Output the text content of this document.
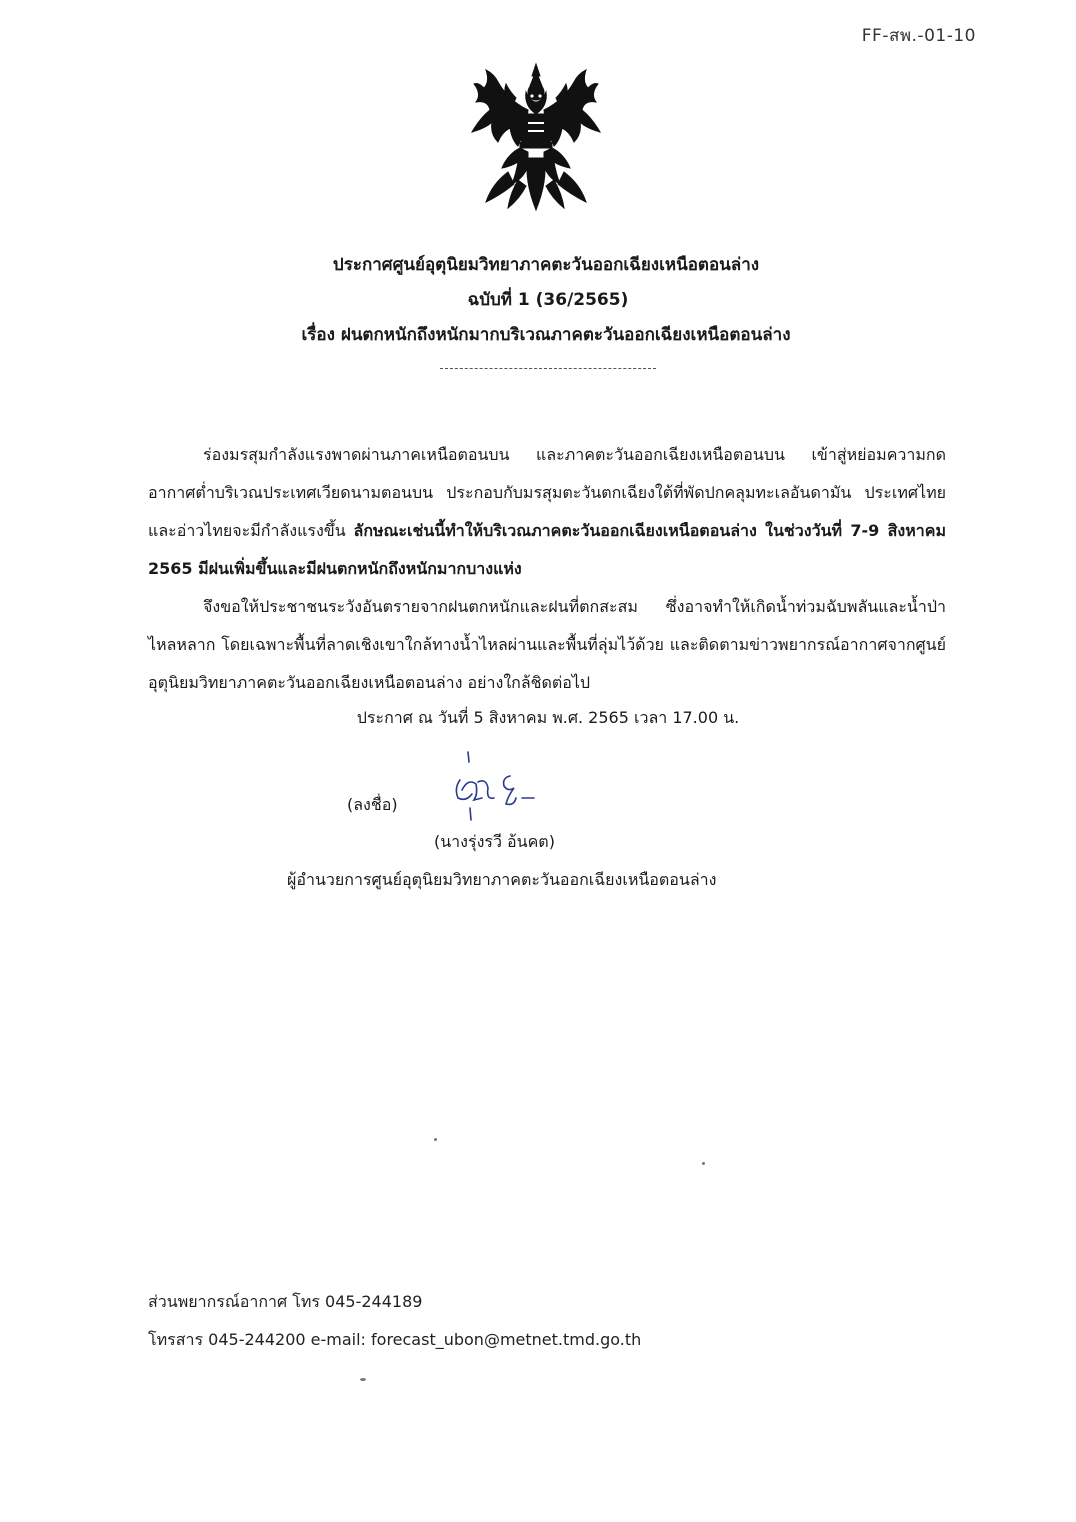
FF-สพ.-01-10
ประกาศศูนย์อุตุนิยมวิทยาภาคตะวันออกเฉียงเหนือตอนล่าง
ฉบับที่ 1 (36/2565)
เรื่อง ฝนตกหนักถึงหนักมากบริเวณภาคตะวันออกเฉียงเหนือตอนล่าง

ร่องมรสุมกำลังแรงพาดผ่านภาคเหนือตอนบน และภาคตะวันออกเฉียงเหนือตอนบน เข้าสู่หย่อมความกดอากาศต่ำบริเวณประเทศเวียดนามตอนบน ประกอบกับมรสุมตะวันตกเฉียงใต้ที่พัดปกคลุมทะเลอันดามัน ประเทศไทย และอ่าวไทยจะมีกำลังแรงขึ้น ลักษณะเช่นนี้ทำให้บริเวณภาคตะวันออกเฉียงเหนือตอนล่าง ในช่วงวันที่ 7-9 สิงหาคม 2565 มีฝนเพิ่มขึ้นและมีฝนตกหนักถึงหนักมากบางแห่ง

จึงขอให้ประชาชนระวังอันตรายจากฝนตกหนักและฝนที่ตกสะสม ซึ่งอาจทำให้เกิดน้ำท่วมฉับพลันและน้ำป่าไหลหลาก โดยเฉพาะพื้นที่ลาดเชิงเขาใกล้ทางน้ำไหลผ่านและพื้นที่ลุ่มไว้ด้วย และติดตามข่าวพยากรณ์อากาศจากศูนย์อุตุนิยมวิทยาภาคตะวันออกเฉียงเหนือตอนล่าง อย่างใกล้ชิดต่อไป

ประกาศ ณ วันที่ 5 สิงหาคม พ.ศ. 2565 เวลา 17.00 น.
(ลงชื่อ)
(นางรุ่งรวี อ้นคต)
ผู้อำนวยการศูนย์อุตุนิยมวิทยาภาคตะวันออกเฉียงเหนือตอนล่าง
ส่วนพยากรณ์อากาศ โทร 045-244189
โทรสาร 045-244200 e-mail: forecast_ubon@metnet.tmd.go.th
